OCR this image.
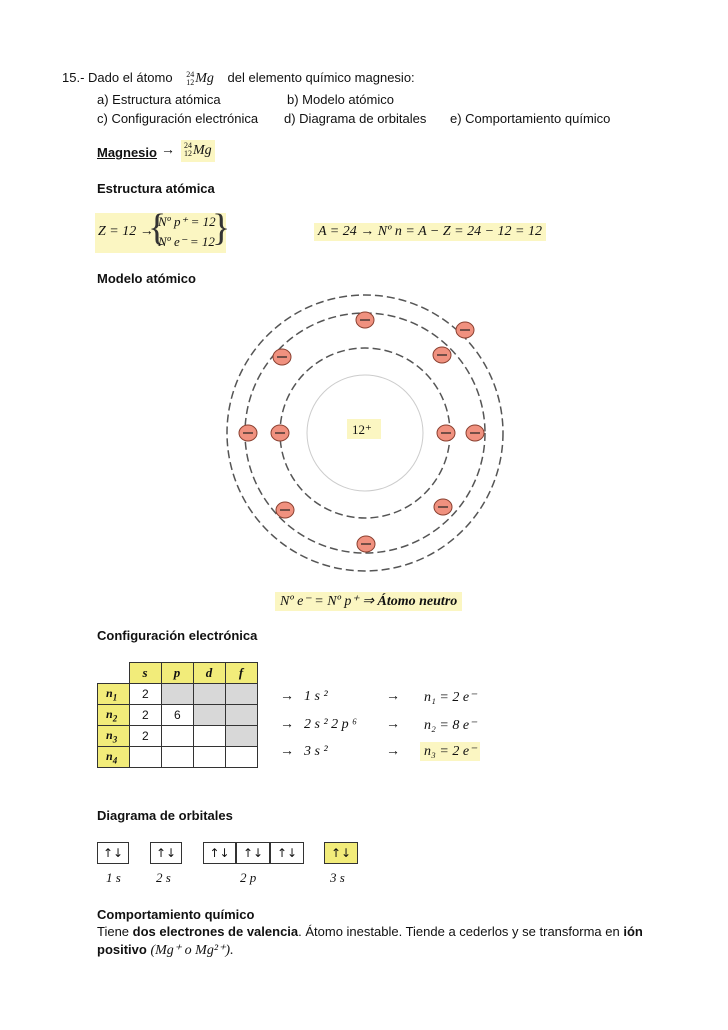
15.- Dado el átomo 24
12Mg del elemento químico magnesio:
a) Estructura atómica	b) Modelo atómico
c) Configuración electrónica d) Diagrama de orbitales e) Comportamiento químico
Magnesio →	24
12Mg
Estructura atómica
Z = 12 →
{
Nº p⁺ = 12
Nº e⁻ = 12
}	A = 24 → Nº n = A − Z = 24 − 12 = 12
Modelo atómico
12⁺
Nº e⁻ = Nº p⁺ ⇒ Átomo neutro
Configuración electrónica
	s	p	d	f
$n_1$	2			
$n_2$	2	6		
$n_3$	2			
$n_4$				
→ 1 s ²	→ n₁ = 2 e⁻
→ 2 s ² 2 p ⁶ → n₂ = 8 e⁻
→ 3 s ²	→ n₃ = 2 e⁻
Diagrama de orbitales
↑↓	↑↓	↑↓	↑↓	↑↓	↑↓
1 s	2 s	2 p	3 s
Comportamiento químico
Tiene dos electrones de valencia. Átomo inestable. Tiende a cederlos y se transforma en ión
positivo (Mg⁺ o Mg²⁺).
